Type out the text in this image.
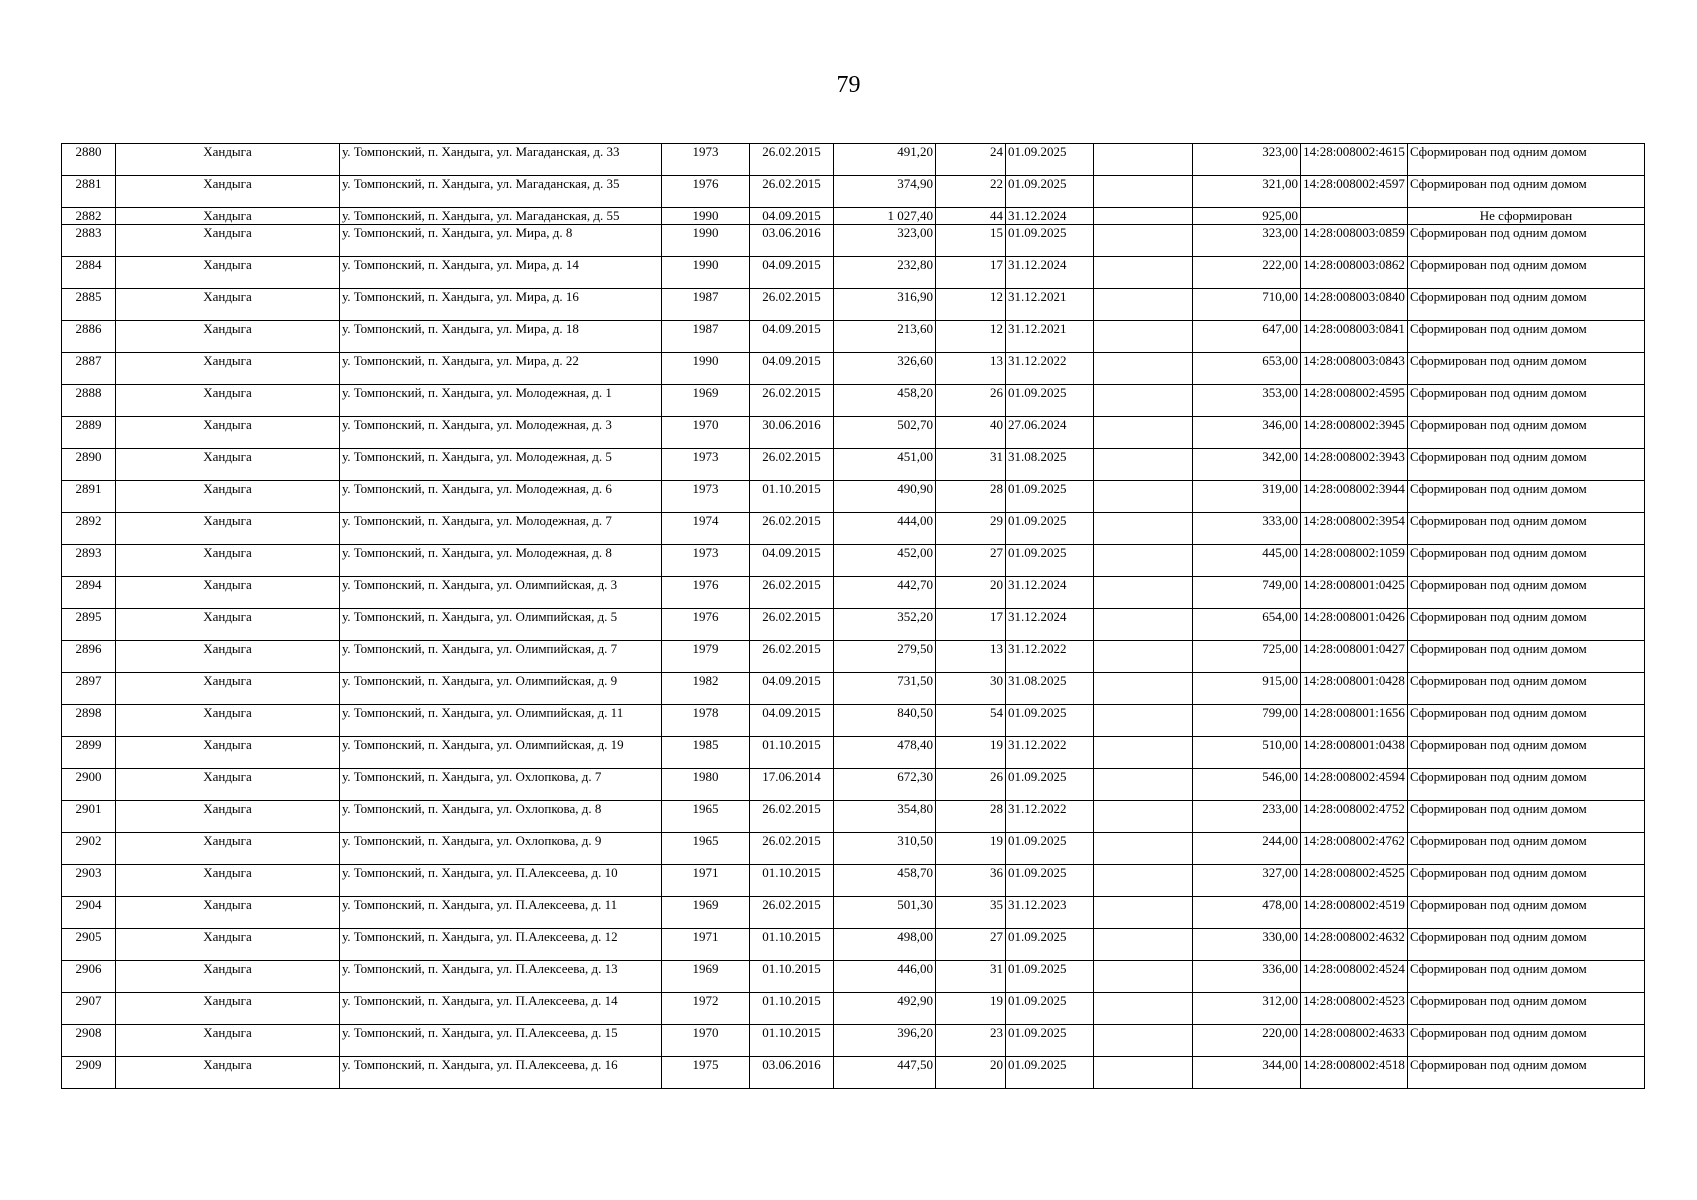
79
2880	Хандыга	у. Томпонский, п. Хандыга, ул. Магаданская, д. 33	1973	26.02.2015	491,20	24	01.09.2025		323,00	14:28:008002:4615	Сформирован под одним домом
2881	Хандыга	у. Томпонский, п. Хандыга, ул. Магаданская, д. 35	1976	26.02.2015	374,90	22	01.09.2025		321,00	14:28:008002:4597	Сформирован под одним домом
2882	Хандыга	у. Томпонский, п. Хандыга, ул. Магаданская, д. 55	1990	04.09.2015	1 027,40	44	31.12.2024		925,00		Не сформирован
2883	Хандыга	у. Томпонский, п. Хандыга, ул. Мира, д. 8	1990	03.06.2016	323,00	15	01.09.2025		323,00	14:28:008003:0859	Сформирован под одним домом
2884	Хандыга	у. Томпонский, п. Хандыга, ул. Мира, д. 14	1990	04.09.2015	232,80	17	31.12.2024		222,00	14:28:008003:0862	Сформирован под одним домом
2885	Хандыга	у. Томпонский, п. Хандыга, ул. Мира, д. 16	1987	26.02.2015	316,90	12	31.12.2021		710,00	14:28:008003:0840	Сформирован под одним домом
2886	Хандыга	у. Томпонский, п. Хандыга, ул. Мира, д. 18	1987	04.09.2015	213,60	12	31.12.2021		647,00	14:28:008003:0841	Сформирован под одним домом
2887	Хандыга	у. Томпонский, п. Хандыга, ул. Мира, д. 22	1990	04.09.2015	326,60	13	31.12.2022		653,00	14:28:008003:0843	Сформирован под одним домом
2888	Хандыга	у. Томпонский, п. Хандыга, ул. Молодежная, д. 1	1969	26.02.2015	458,20	26	01.09.2025		353,00	14:28:008002:4595	Сформирован под одним домом
2889	Хандыга	у. Томпонский, п. Хандыга, ул. Молодежная, д. 3	1970	30.06.2016	502,70	40	27.06.2024		346,00	14:28:008002:3945	Сформирован под одним домом
2890	Хандыга	у. Томпонский, п. Хандыга, ул. Молодежная, д. 5	1973	26.02.2015	451,00	31	31.08.2025		342,00	14:28:008002:3943	Сформирован под одним домом
2891	Хандыга	у. Томпонский, п. Хандыга, ул. Молодежная, д. 6	1973	01.10.2015	490,90	28	01.09.2025		319,00	14:28:008002:3944	Сформирован под одним домом
2892	Хандыга	у. Томпонский, п. Хандыга, ул. Молодежная, д. 7	1974	26.02.2015	444,00	29	01.09.2025		333,00	14:28:008002:3954	Сформирован под одним домом
2893	Хандыга	у. Томпонский, п. Хандыга, ул. Молодежная, д. 8	1973	04.09.2015	452,00	27	01.09.2025		445,00	14:28:008002:1059	Сформирован под одним домом
2894	Хандыга	у. Томпонский, п. Хандыга, ул. Олимпийская, д. 3	1976	26.02.2015	442,70	20	31.12.2024		749,00	14:28:008001:0425	Сформирован под одним домом
2895	Хандыга	у. Томпонский, п. Хандыга, ул. Олимпийская, д. 5	1976	26.02.2015	352,20	17	31.12.2024		654,00	14:28:008001:0426	Сформирован под одним домом
2896	Хандыга	у. Томпонский, п. Хандыга, ул. Олимпийская, д. 7	1979	26.02.2015	279,50	13	31.12.2022		725,00	14:28:008001:0427	Сформирован под одним домом
2897	Хандыга	у. Томпонский, п. Хандыга, ул. Олимпийская, д. 9	1982	04.09.2015	731,50	30	31.08.2025		915,00	14:28:008001:0428	Сформирован под одним домом
2898	Хандыга	у. Томпонский, п. Хандыга, ул. Олимпийская, д. 11	1978	04.09.2015	840,50	54	01.09.2025		799,00	14:28:008001:1656	Сформирован под одним домом
2899	Хандыга	у. Томпонский, п. Хандыга, ул. Олимпийская, д. 19	1985	01.10.2015	478,40	19	31.12.2022		510,00	14:28:008001:0438	Сформирован под одним домом
2900	Хандыга	у. Томпонский, п. Хандыга, ул. Охлопкова, д. 7	1980	17.06.2014	672,30	26	01.09.2025		546,00	14:28:008002:4594	Сформирован под одним домом
2901	Хандыга	у. Томпонский, п. Хандыга, ул. Охлопкова, д. 8	1965	26.02.2015	354,80	28	31.12.2022		233,00	14:28:008002:4752	Сформирован под одним домом
2902	Хандыга	у. Томпонский, п. Хандыга, ул. Охлопкова, д. 9	1965	26.02.2015	310,50	19	01.09.2025		244,00	14:28:008002:4762	Сформирован под одним домом
2903	Хандыга	у. Томпонский, п. Хандыга, ул. П.Алексеева, д. 10	1971	01.10.2015	458,70	36	01.09.2025		327,00	14:28:008002:4525	Сформирован под одним домом
2904	Хандыга	у. Томпонский, п. Хандыга, ул. П.Алексеева, д. 11	1969	26.02.2015	501,30	35	31.12.2023		478,00	14:28:008002:4519	Сформирован под одним домом
2905	Хандыга	у. Томпонский, п. Хандыга, ул. П.Алексеева, д. 12	1971	01.10.2015	498,00	27	01.09.2025		330,00	14:28:008002:4632	Сформирован под одним домом
2906	Хандыга	у. Томпонский, п. Хандыга, ул. П.Алексеева, д. 13	1969	01.10.2015	446,00	31	01.09.2025		336,00	14:28:008002:4524	Сформирован под одним домом
2907	Хандыга	у. Томпонский, п. Хандыга, ул. П.Алексеева, д. 14	1972	01.10.2015	492,90	19	01.09.2025		312,00	14:28:008002:4523	Сформирован под одним домом
2908	Хандыга	у. Томпонский, п. Хандыга, ул. П.Алексеева, д. 15	1970	01.10.2015	396,20	23	01.09.2025		220,00	14:28:008002:4633	Сформирован под одним домом
2909	Хандыга	у. Томпонский, п. Хандыга, ул. П.Алексеева, д. 16	1975	03.06.2016	447,50	20	01.09.2025		344,00	14:28:008002:4518	Сформирован под одним домом
